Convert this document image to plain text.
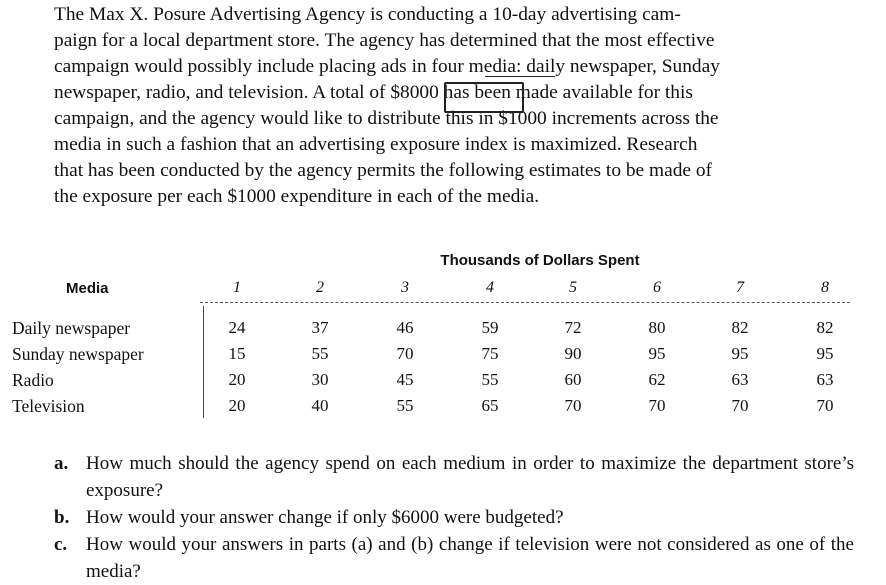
The Max X. Posure Advertising Agency is conducting a 10-day advertising cam-
paign for a local department store. The agency has determined that the most effective
campaign would possibly include placing ads in four media: daily newspaper, Sunday
newspaper, radio, and television. A total of $8000 has been made available for this
campaign, and the agency would like to distribute this in $1000 increments across the
media in such a fashion that an advertising exposure index is maximized. Research
that has been conducted by the agency permits the following estimates to be made of
the exposure per each $1000 expenditure in each of the media.
Thousands of Dollars Spent
Media	1	2	3	4	5	6	7	8
Daily newspaper	24	37	46	59	72	80	82	82
Sunday newspaper	15	55	70	75	90	95	95	95
Radio	20	30	45	55	60	62	63	63
Television	20	40	55	65	70	70	70	70
a. How much should the agency spend on each medium in order to maximize the department store’s exposure?
b. How would your answer change if only $6000 were budgeted?
c. How would your answers in parts (a) and (b) change if television were not considered as one of the media?
